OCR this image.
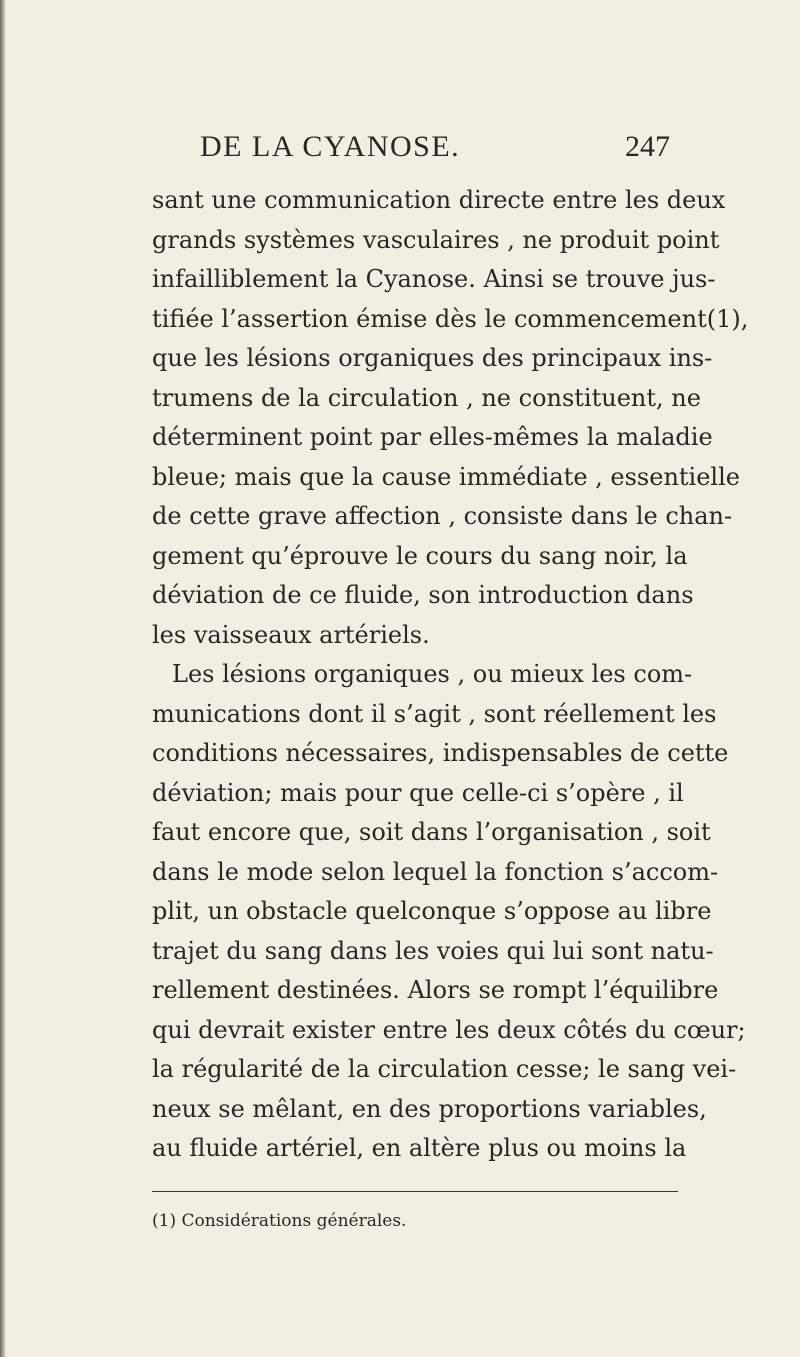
DE LA CYANOSE.	247
sant une communication directe entre les deux
grands systèmes vasculaires , ne produit point
infailliblement la Cyanose. Ainsi se trouve jus-
tifiée l’assertion émise dès le commencement(1),
que les lésions organiques des principaux ins-
trumens de la circulation , ne constituent, ne
déterminent point par elles-mêmes la maladie
bleue; mais que la cause immédiate , essentielle
de cette grave affection , consiste dans le chan-
gement qu’éprouve le cours du sang noir, la
déviation de ce fluide, son introduction dans
les vaisseaux artériels.
Les lésions organiques , ou mieux les com-
munications dont il s’agit , sont réellement les
conditions nécessaires, indispensables de cette
déviation; mais pour que celle-ci s’opère , il
faut encore que, soit dans l’organisation , soit
dans le mode selon lequel la fonction s’accom-
plit, un obstacle quelconque s’oppose au libre
trajet du sang dans les voies qui lui sont natu-
rellement destinées. Alors se rompt l’équilibre
qui devrait exister entre les deux côtés du cœur;
la régularité de la circulation cesse; le sang vei-
neux se mêlant, en des proportions variables,
au fluide artériel, en altère plus ou moins la
(1) Considérations générales.
